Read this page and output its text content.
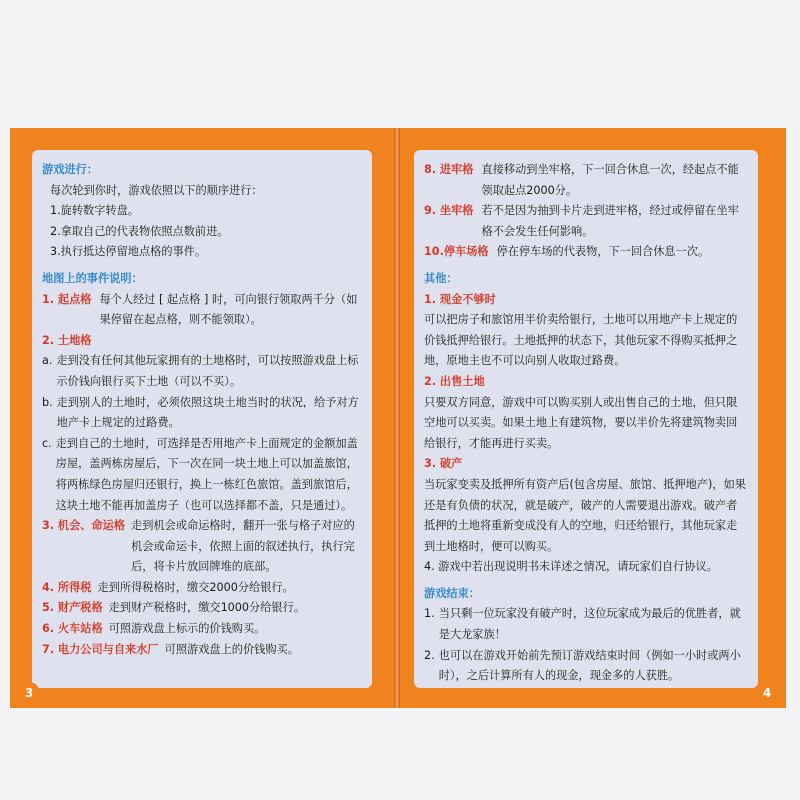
游戏进行：

每次轮到你时，游戏依照以下的顺序进行：

1.旋转数字转盘。

2.拿取自己的代表物依照点数前进。

3.执行抵达停留地点格的事件。

地图上的事件说明：

1. 起点格 每个人经过 [ 起点格 ] 时，可向银行领取两千分（如果停留在起点格，则不能领取）。

2. 土地格

a. 走到没有任何其他玩家拥有的土地格时，可以按照游戏盘上标示价钱向银行买下土地（可以不买）。
b. 走到别人的土地时，必须依照这块土地当时的状况，给予对方地产卡上规定的过路费。
c. 走到自己的土地时，可选择是否用地产卡上面规定的金额加盖房屋，盖两栋房屋后，下一次在同一块土地上可以加盖旅馆，将两栋绿色房屋归还银行，换上一栋红色旅馆。盖到旅馆后，这块土地不能再加盖房子（也可以选择都不盖，只是通过）。
3. 机会、命运格 走到机会或命运格时，翻开一张与格子对应的机会或命运卡，依照上面的叙述执行，执行完后，将卡片放回牌堆的底部。
4. 所得税 走到所得税格时，缴交2000分给银行。
5. 财产税格 走到财产税格时，缴交1000分给银行。
6. 火车站格 可照游戏盘上标示的价钱购买。
7. 电力公司与自来水厂 可照游戏盘上的价钱购买。
3
8. 进牢格 直接移动到坐牢格，下一回合休息一次，经起点不能领取起点2000分。
9. 坐牢格 若不是因为抽到卡片走到进牢格，经过或停留在坐牢格不会发生任何影响。
10.停车场格 停在停车场的代表物，下一回合休息一次。

其他：

1. 现金不够时

可以把房子和旅馆用半价卖给银行，土地可以用地产卡上规定的价钱抵押给银行。土地抵押的状态下，其他玩家不得购买抵押之地，原地主也不可以向别人收取过路费。

2. 出售土地

只要双方同意，游戏中可以购买别人或出售自己的土地，但只限空地可以买卖。如果土地上有建筑物，要以半价先将建筑物卖回给银行，才能再进行买卖。

3. 破产

当玩家变卖及抵押所有资产后(包含房屋、旅馆、抵押地产)，如果还是有负债的状况，就是破产，破产的人需要退出游戏。破产者抵押的土地将重新变成没有人的空地，归还给银行，其他玩家走到土地格时，便可以购买。

4. 游戏中若出现说明书未详述之情况，请玩家们自行协议。

游戏结束：

1. 当只剩一位玩家没有破产时，这位玩家成为最后的优胜者，就是大龙家族！
2. 也可以在游戏开始前先预订游戏结束时间（例如一小时或两小时），之后计算所有人的现金，现金多的人获胜。
4
